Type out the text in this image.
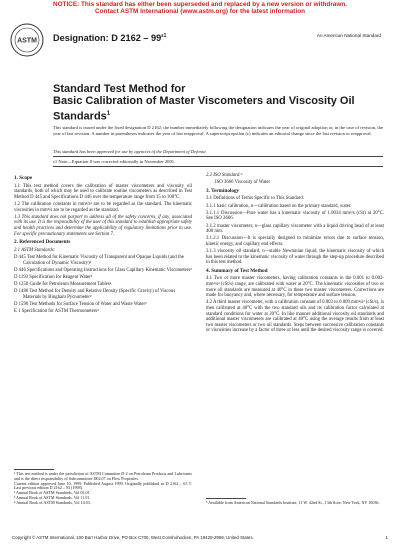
NOTICE: This standard has either been superseded and replaced by a new version or withdrawn.
Contact ASTM International (www.astm.org) for the latest information
ASTM Designation: D $2162 - 99^{\varepsilon 1}$	An American National Standard
Standard Test Method for
Basic Calibration of Master Viscometers and Viscosity Oil
Standards$^1$
This standard is issued under the fixed designation D 2162; the number immediately following the designation indicates the year of original adoption or, in the case of revision, the year of last revision. A number in parentheses indicates the year of last reapproval. A superscript epsilon (ε) indicates an editorial change since the last revision or reapproval.
This standard has been approved for use by agencies of the Department of Defense.
ε1 Note—Equation 8 was corrected editorially in November 2001.

1. Scope

1.1 This test method covers the calibration of master viscometers and viscosity oil standards, both of which may be used to calibrate routine viscometers as described in Test Method D 445 and Specifications D 446 over the temperature range from 15 to 100°C.

1.2 The calibration constants in mm²/s² are to be regarded as the standard. The kinematic viscosities in mm²/s are to be regarded as the standard.

1.3 This standard does not purport to address all of the safety concerns, if any, associated with its use. It is the responsibility of the user of this standard to establish appropriate safety and health practices and determine the applicability of regulatory limitations prior to use. For specific precautionary statements see Section 7.

2. Referenced Documents

2.1 ASTM Standards:

D 445 Test Method for Kinematic Viscosity of Transparent and Opaque Liquids (and the Calculation of Dynamic Viscosity)²

D 446 Specifications and Operating Instructions for Glass Capillary Kinematic Viscometers²

D 1193 Specification for Reagent Water³

D 1250 Guide for Petroleum Measurement Tables²

D 1480 Test Method for Density and Relative Density (Specific Gravity) of Viscous Materials by Bingham Pycnometer²

D 1590 Test Methods for Surface Tension of Water and Waste Water³

E 1 Specification for ASTM Thermometers⁴

¹ This test method is under the jurisdiction of ASTM Committee D-2 on Petroleum Products and Lubricants and is the direct responsibility of Subcommittee D02.07 on Flow Properties.

Current edition approved June 10, 1999. Published August 1999. Originally published as D 2162 – 63 T. Last previous edition D 2162 – 93 (1998).

² Annual Book of ASTM Standards, Vol 05.01.

³ Annual Book of ASTM Standards, Vol 11.01.

⁴ Annual Book of ASTM Standards, Vol 14.03.

2.2 ISO Standard:⁵

ISO 3666 Viscosity of Water

3. Terminology

3.1 Definitions of Terms Specific to This Standard:

3.1.1 basic calibration, n—calibration based on the primary standard, water.

3.1.1.1 Discussion—Pure water has a kinematic viscosity of 1.0034 mm²/s (cSt) at 20°C. See ISO 3666.

3.1.2 master viscometer, n—glass capillary viscometer with a liquid driving head of at least 400 mm.

3.1.2.1 Discussion—It is specially designed to minimize errors due to surface tension, kinetic energy, and capillary end effects.

3.1.3 viscosity oil standard, n—stable Newtonian liquid, the kinematic viscosity of which has been related to the kinematic viscosity of water through the step-up procedure described in this test method.

4. Summary of Test Method

4.1 Two or more master viscometers, having calibration constants in the 0.001 to 0.003-mm²/s² (cSt/s) range, are calibrated with water at 20°C. The kinematic viscosities of two or more oil standards are measured at 40°C in these two master viscometers. Corrections are made for buoyancy and, where necessary, for temperature and surface tension.

4.2 A third master viscometer, with a calibration constant of 0.003 to 0.009 mm²/s² (cSt/s), is then calibrated at 40°C with the two standard oils and its calibration factor calculated at standard conditions for water at 20°C. In like manner additional viscosity oil standards and additional master viscometers are calibrated at 40°C using the average results from at least two master viscometers or two oil standards. Steps between successive calibration constants or viscosities increase by a factor of three or less until the desired viscosity range is covered.

⁵ Available from American National Standards Institute, 11 W. 42nd St., 13th floor, New York, NY 10036.
Copyright © ASTM International, 100 Barr Harbor Drive, PO Box C700, West Conshohocken, PA 19428-2959, United States.	1
